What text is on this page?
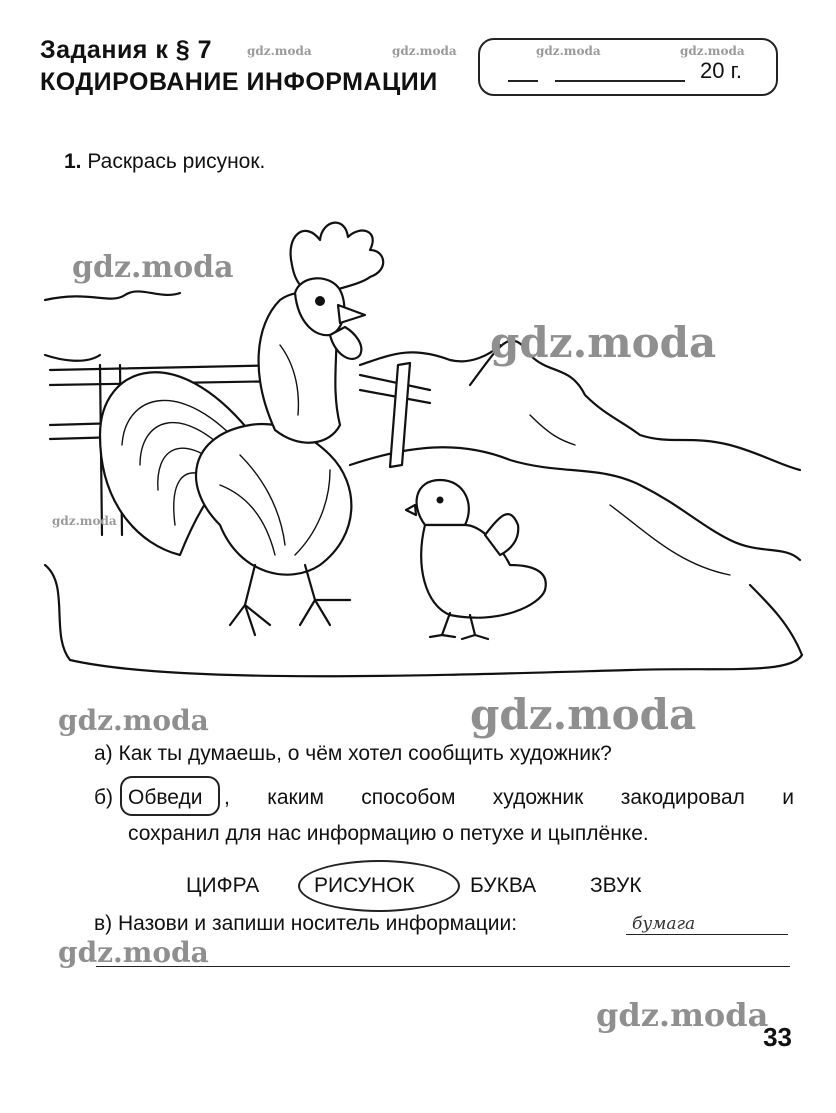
Задания к § 7
КОДИРОВАНИЕ ИНФОРМАЦИИ	20 г.
gdz.moda	gdz.moda	gdz.moda	gdz.moda
1. Раскрась рисунок.
gdz.moda
gdz.moda
gdz.moda
gdz.moda	gdz.moda
gdz.moda
gdz.moda
а) Как ты думаешь, о чём хотел сообщить художник?
б) Обведи , каким способом художник закодировал и
сохранил для нас информацию о петухе и цыплёнке.
ЦИФРА	РИСУНОК	БУКВА	ЗВУК
в) Назови и запиши носитель информации:	бумага
33
